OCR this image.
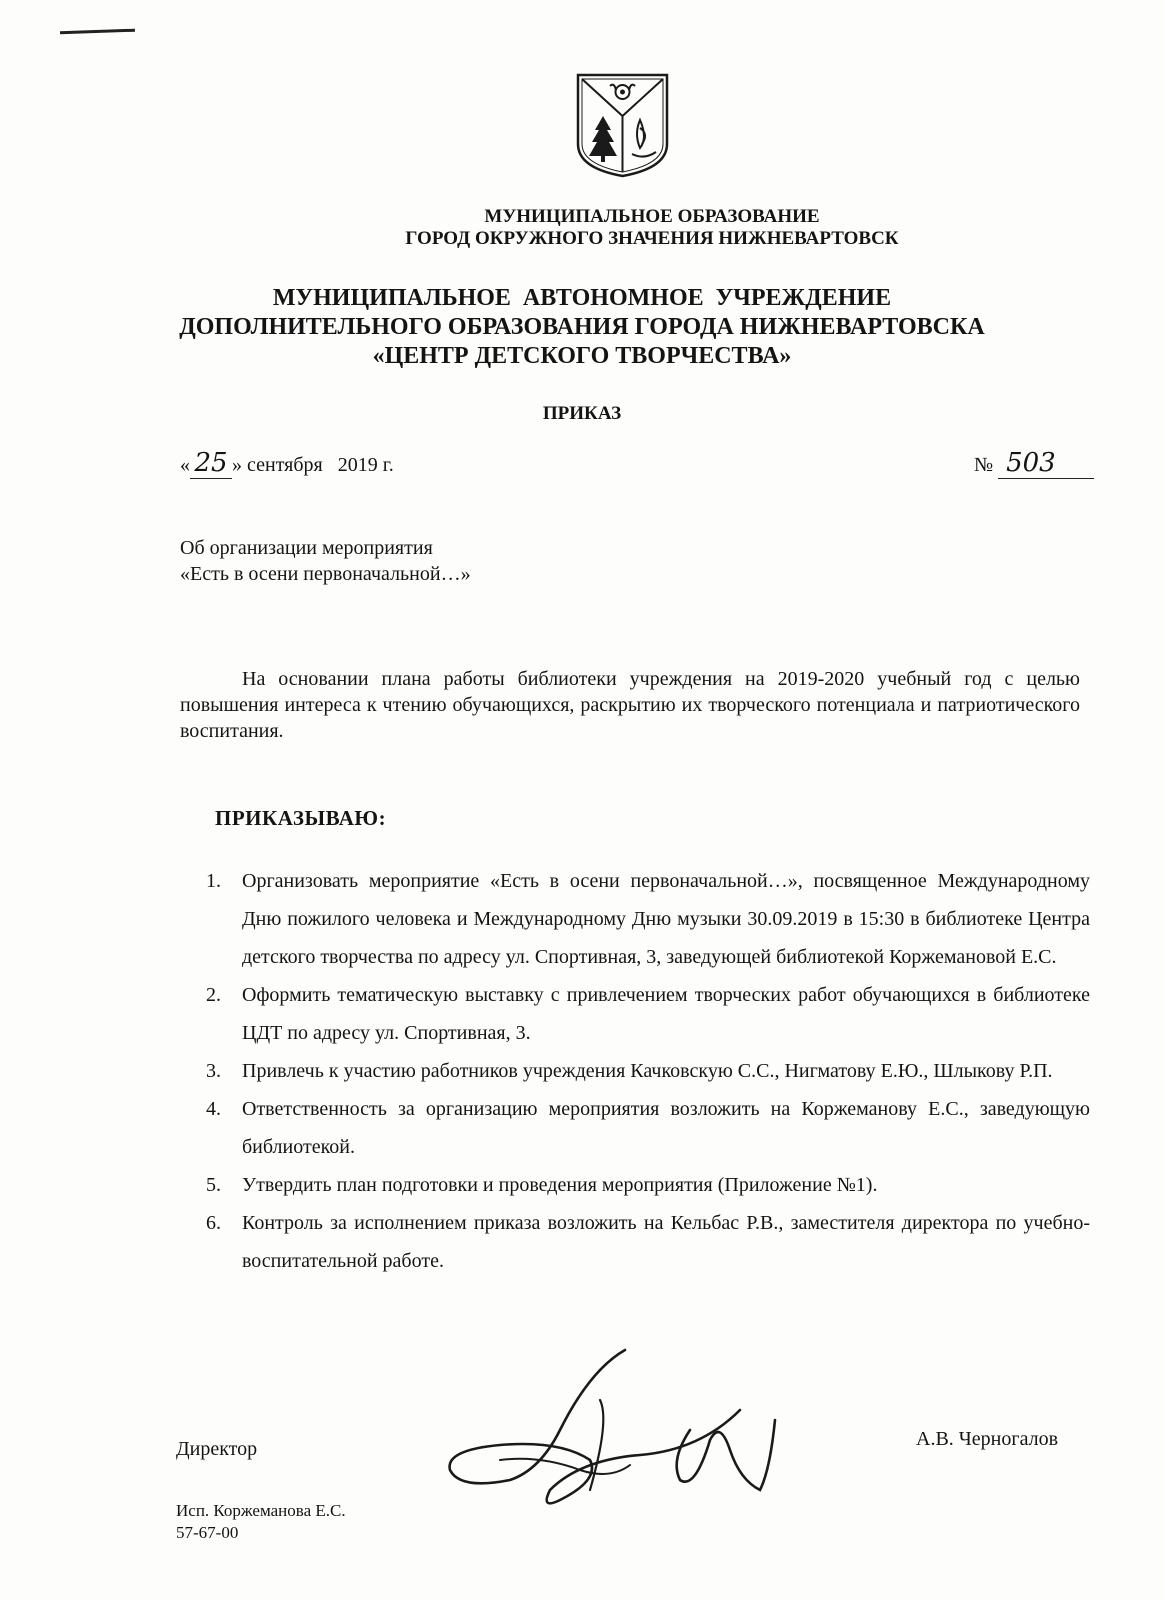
МУНИЦИПАЛЬНОЕ ОБРАЗОВАНИЕ
ГОРОД ОКРУЖНОГО ЗНАЧЕНИЯ НИЖНЕВАРТОВСК
МУНИЦИПАЛЬНОЕ  АВТОНОМНОЕ  УЧРЕЖДЕНИЕ
ДОПОЛНИТЕЛЬНОГО ОБРАЗОВАНИЯ ГОРОДА НИЖНЕВАРТОВСКА
«ЦЕНТР ДЕТСКОГО ТВОРЧЕСТВА»
ПРИКАЗ
« 25 » сентября   2019 г.	№ 503
Об организации мероприятия
«Есть в осени первоначальной…»
На основании плана работы библиотеки учреждения на 2019-2020 учебный год с целью повышения интереса к чтению обучающихся, раскрытию их творческого потенциала и патриотического воспитания.
ПРИКАЗЫВАЮ:
1.	Организовать мероприятие «Есть в осени первоначальной…», посвященное Международному Дню пожилого человека и Международному Дню музыки 30.09.2019 в 15:30 в библиотеке Центра детского творчества по адресу ул. Спортивная, 3, заведующей библиотекой Коржемановой Е.С.
2.	Оформить тематическую выставку с привлечением творческих работ обучающихся в библиотеке ЦДТ по адресу ул. Спортивная, 3.
3.	Привлечь к участию работников учреждения Качковскую С.С., Нигматову Е.Ю., Шлыкову Р.П.
4.	Ответственность за организацию мероприятия возложить на Коржеманову Е.С., заведующую библиотекой.
5.	Утвердить план подготовки и проведения мероприятия (Приложение №1).
6.	Контроль за исполнением приказа возложить на Кельбас Р.В., заместителя директора по учебно-воспитательной работе.
Директор	А.В. Черногалов
Исп. Коржеманова Е.С.
57-67-00
